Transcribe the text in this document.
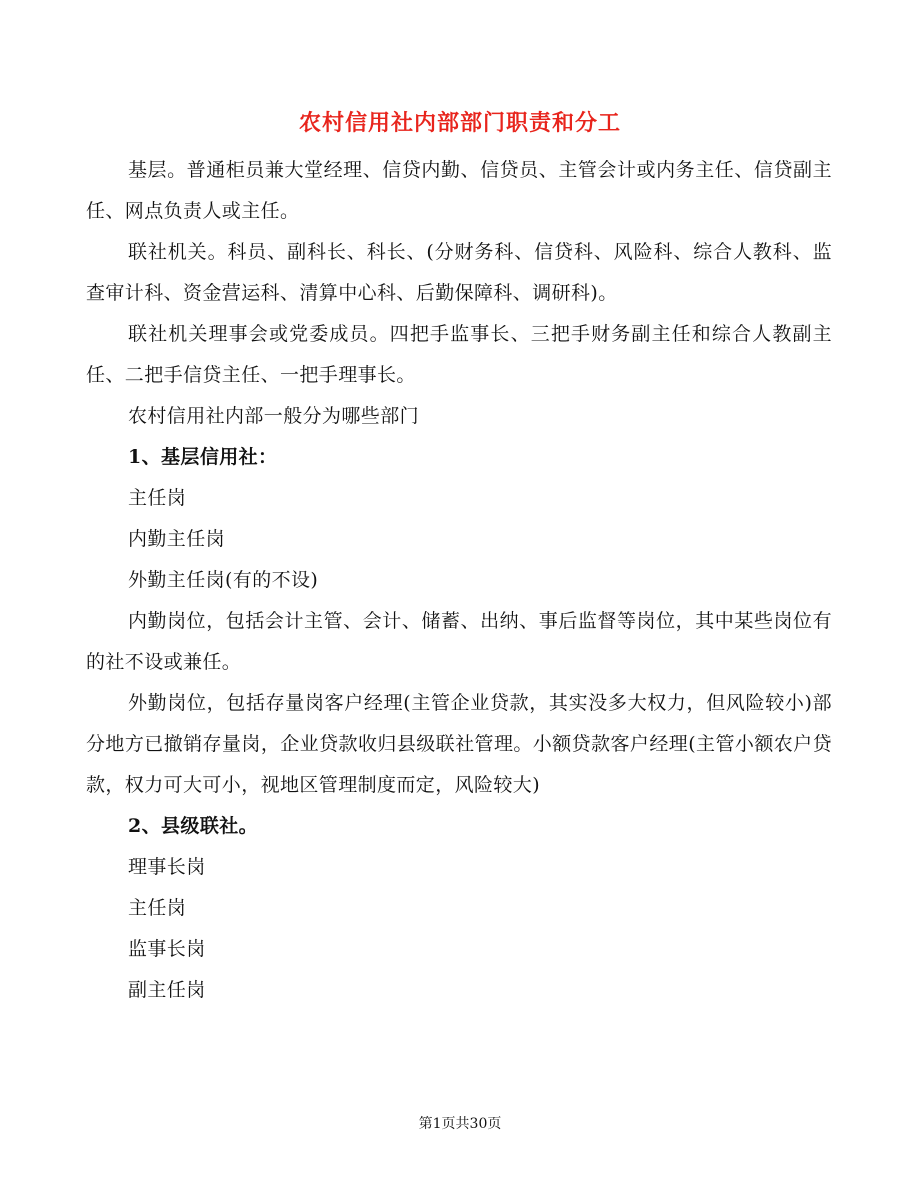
农村信用社内部部门职责和分工

基层。普通柜员兼大堂经理、信贷内勤、信贷员、主管会计或内务主任、信贷副主任、网点负责人或主任。

联社机关。科员、副科长、科长、(分财务科、信贷科、风险科、综合人教科、监查审计科、资金营运科、清算中心科、后勤保障科、调研科)。

联社机关理事会或党委成员。四把手监事长、三把手财务副主任和综合人教副主任、二把手信贷主任、一把手理事长。

农村信用社内部一般分为哪些部门

1、基层信用社：

主任岗

内勤主任岗

外勤主任岗(有的不设)

内勤岗位，包括会计主管、会计、储蓄、出纳、事后监督等岗位，其中某些岗位有的社不设或兼任。

外勤岗位，包括存量岗客户经理(主管企业贷款，其实没多大权力，但风险较小)部分地方已撤销存量岗，企业贷款收归县级联社管理。小额贷款客户经理(主管小额农户贷款，权力可大可小，视地区管理制度而定，风险较大)

2、县级联社。

理事长岗

主任岗

监事长岗

副主任岗

第1页共30页
